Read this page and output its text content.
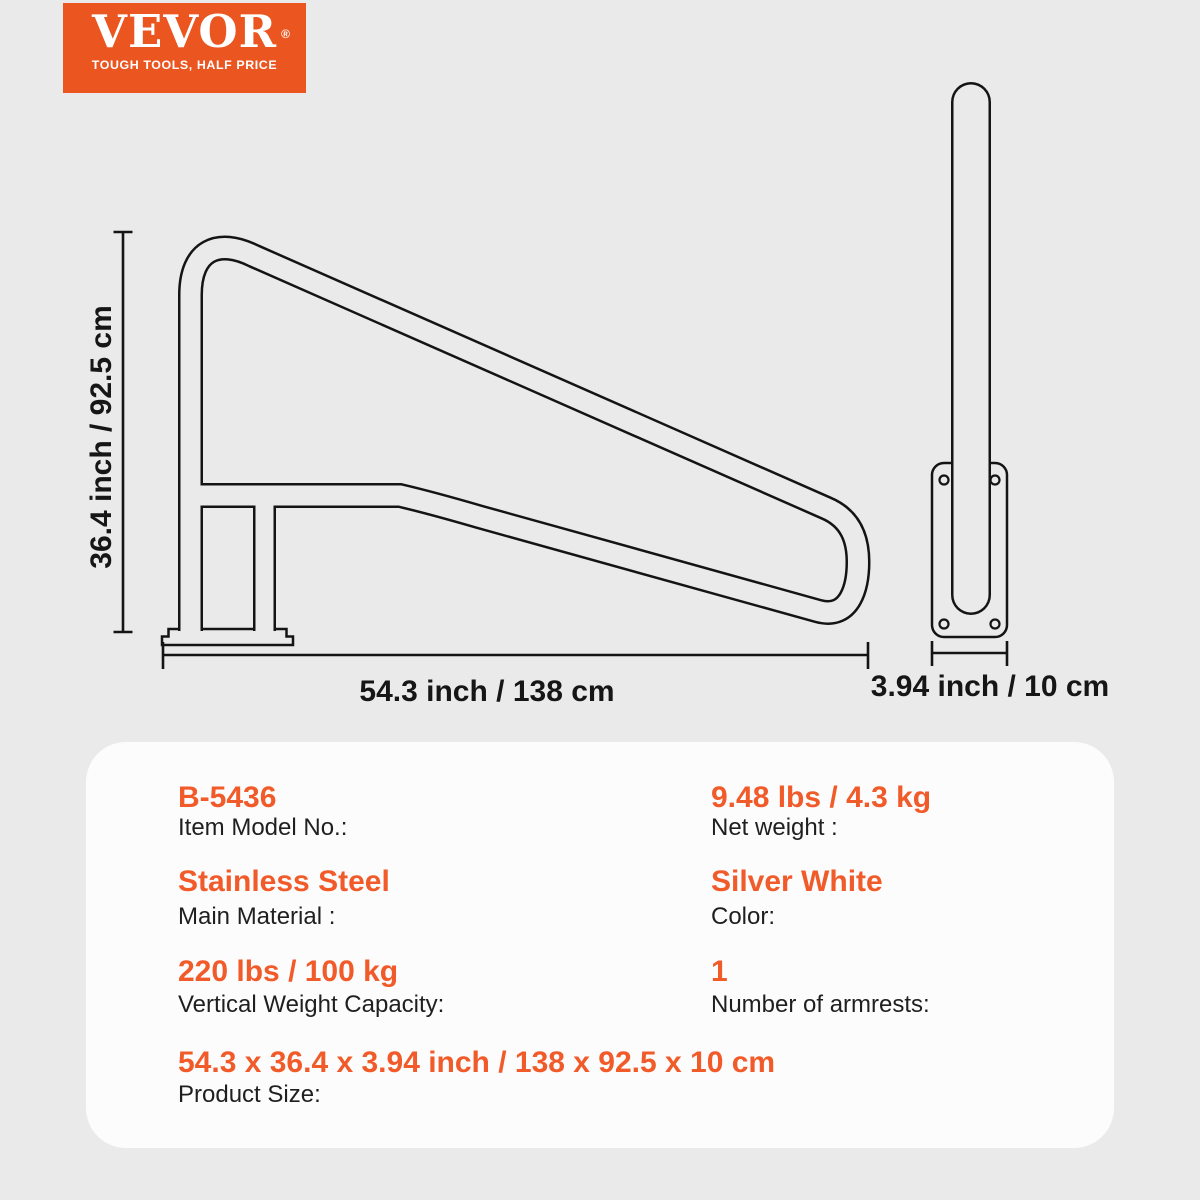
VEVOR ®
TOUGH TOOLS, HALF PRICE
36.4 inch / 92.5 cm
54.3 inch / 138 cm	3.94 inch / 10 cm
B-5436
Item Model No.:
9.48 lbs / 4.3 kg
Net weight :
Stainless Steel
Main Material :
Silver White
Color:
220 lbs / 100 kg
Vertical Weight Capacity:
1
Number of armrests:
54.3 x 36.4 x 3.94 inch / 138 x 92.5 x 10 cm
Product Size:
